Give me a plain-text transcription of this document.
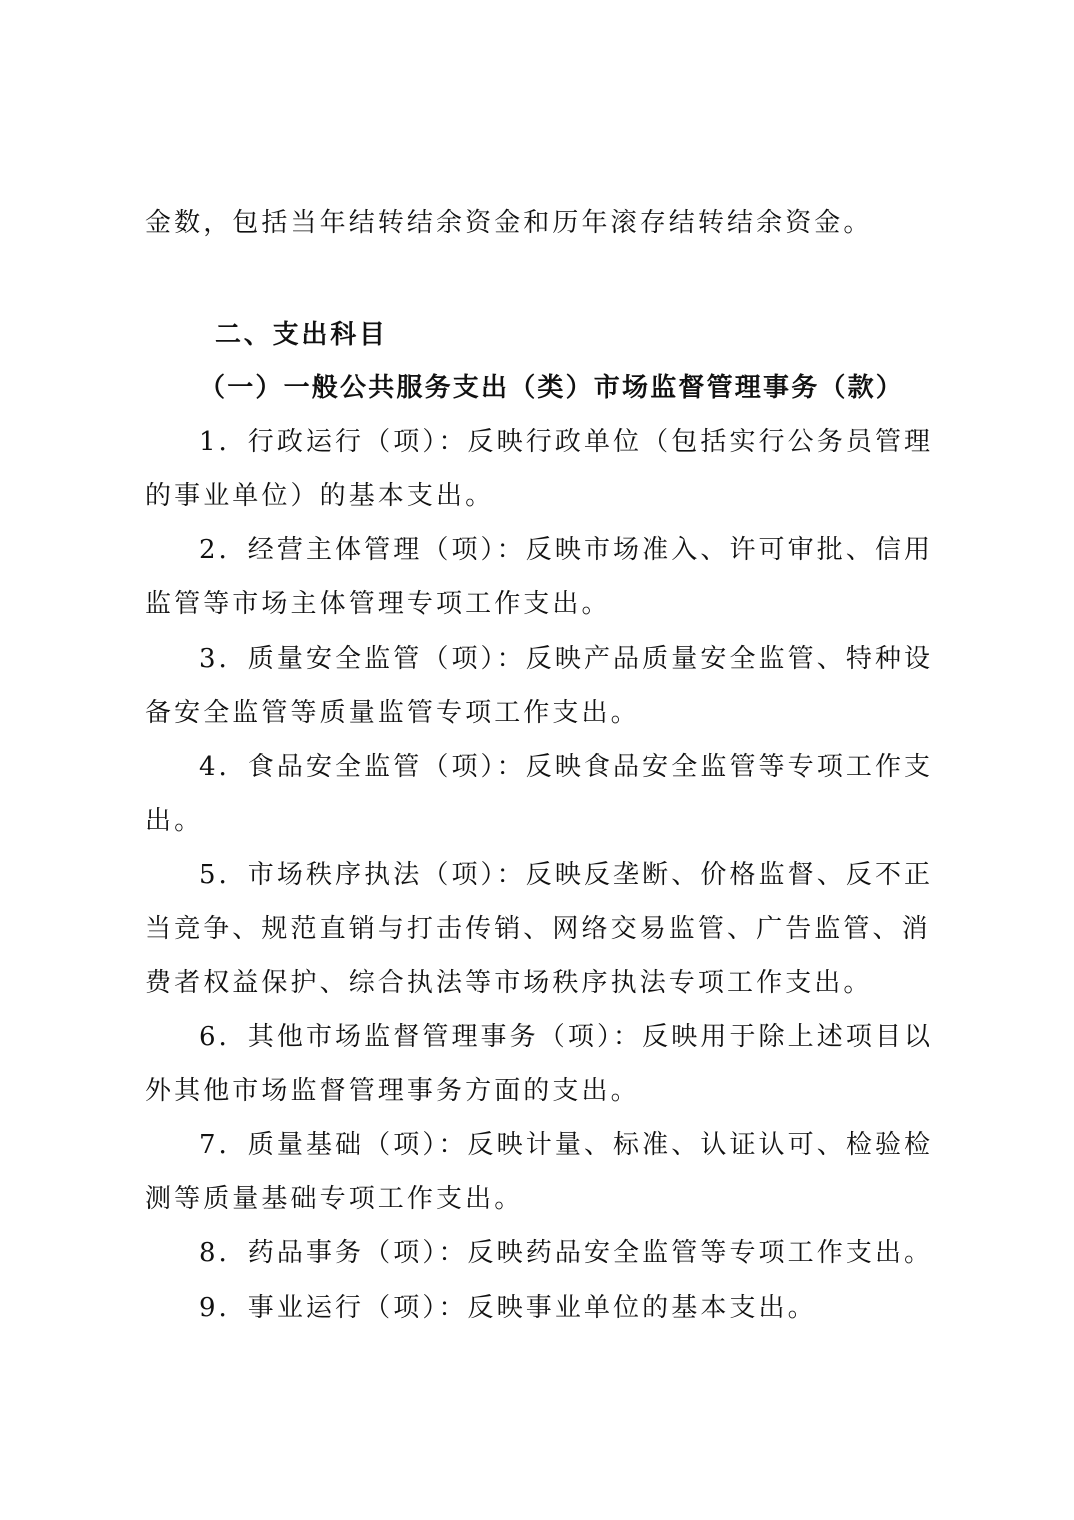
金数，包括当年结转结余资金和历年滚存结转结余资金。
二、支出科目
（一）一般公共服务支出（类）市场监督管理事务（款）
1．行政运行（项）：反映行政单位（包括实行公务员管理
的事业单位）的基本支出。
2．经营主体管理（项）：反映市场准入、许可审批、信用
监管等市场主体管理专项工作支出。
3．质量安全监管（项）：反映产品质量安全监管、特种设
备安全监管等质量监管专项工作支出。
4．食品安全监管（项）：反映食品安全监管等专项工作支
出。
5．市场秩序执法（项）：反映反垄断、价格监督、反不正
当竞争、规范直销与打击传销、网络交易监管、广告监管、消
费者权益保护、综合执法等市场秩序执法专项工作支出。
6．其他市场监督管理事务（项）：反映用于除上述项目以
外其他市场监督管理事务方面的支出。
7．质量基础（项）：反映计量、标准、认证认可、检验检
测等质量基础专项工作支出。
8．药品事务（项）：反映药品安全监管等专项工作支出。
9．事业运行（项）：反映事业单位的基本支出。
